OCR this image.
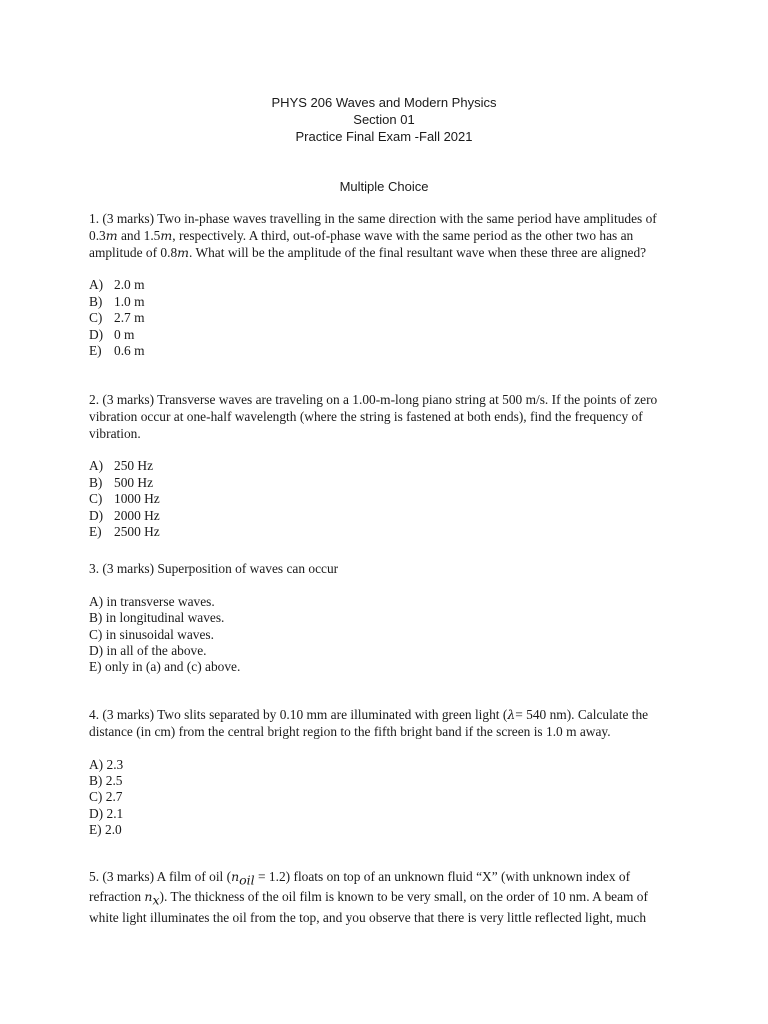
PHYS 206 Waves and Modern Physics
Section 01
Practice Final Exam -Fall 2021
Multiple Choice
1. (3 marks) Two in-phase waves travelling in the same direction with the same period have amplitudes of
0.3m and 1.5m, respectively. A third, out-of-phase wave with the same period as the other two has an
amplitude of 0.8m. What will be the amplitude of the final resultant wave when these three are aligned?
A) 2.0 m
B) 1.0 m
C) 2.7 m
D) 0 m
E) 0.6 m
2. (3 marks) Transverse waves are traveling on a 1.00-m-long piano string at 500 m/s. If the points of zero vibration occur at one-half wavelength (where the string is fastened at both ends), find the frequency of vibration.
A) 250 Hz
B) 500 Hz
C) 1000 Hz
D) 2000 Hz
E) 2500 Hz
3. (3 marks) Superposition of waves can occur
A) in transverse waves.
B) in longitudinal waves.
C) in sinusoidal waves.
D) in all of the above.
E) only in (a) and (c) above.
4. (3 marks) Two slits separated by 0.10 mm are illuminated with green light (λ= 540 nm). Calculate the distance (in cm) from the central bright region to the fifth bright band if the screen is 1.0 m away.
A) 2.3
B) 2.5
C) 2.7
D) 2.1
E) 2.0
5. (3 marks) A film of oil $(n_{oil} = 1.2)$ floats on top of an unknown fluid “X” (with unknown index of refraction $n_x$). The thickness of the oil film is known to be very small, on the order of 10 nm. A beam of white light illuminates the oil from the top, and you observe that there is very little reflected light, much
